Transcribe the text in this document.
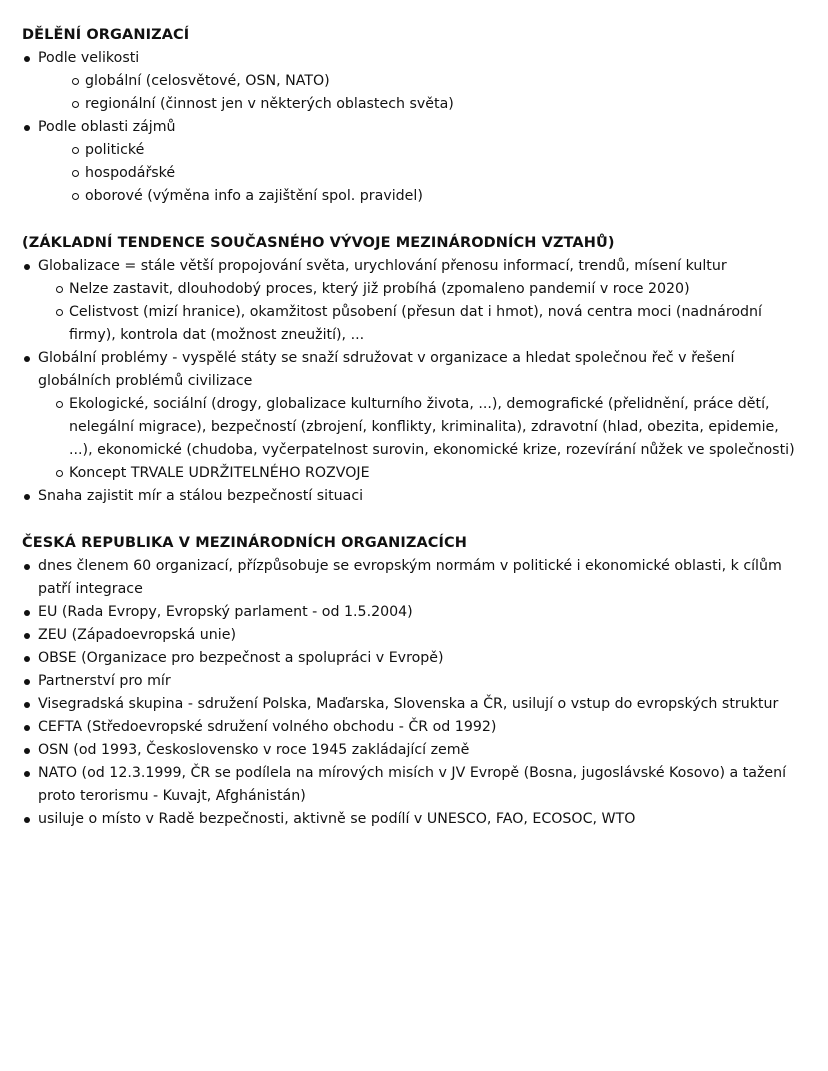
DĚLĚNÍ ORGANIZACÍ
Podle velikosti
globální (celosvětové, OSN, NATO)
regionální (činnost jen v některých oblastech světa)
Podle oblasti zájmů
politické
hospodářské
oborové (výměna info a zajištění spol. pravidel)
(ZÁKLADNÍ TENDENCE SOUČASNÉHO VÝVOJE MEZINÁRODNÍCH VZTAHŮ)
Globalizace = stále větší propojování světa, urychlování přenosu informací, trendů, mísení kultur
Nelze zastavit, dlouhodobý proces, který již probíhá (zpomaleno pandemií v roce 2020)
Celistvost (mizí hranice), okamžitost působení (přesun dat i hmot), nová centra moci (nadnárodní firmy), kontrola dat (možnost zneužití), ...
Globální problémy - vyspělé státy se snaží sdružovat v organizace a hledat společnou řeč v řešení globálních problémů civilizace
Ekologické, sociální (drogy, globalizace kulturního života, ...), demografické (přelidnění, práce dětí, nelegální migrace), bezpečností (zbrojení, konflikty, kriminalita), zdravotní (hlad, obezita, epidemie, ...), ekonomické (chudoba, vyčerpatelnost surovin, ekonomické krize, rozevírání nůžek ve společnosti)
Koncept TRVALE UDRŽITELNÉHO ROZVOJE
Snaha zajistit mír a stálou bezpečností situaci
ČESKÁ REPUBLIKA V MEZINÁRODNÍCH ORGANIZACÍCH
dnes členem 60 organizací, přízpůsobuje se evropským normám v politické i ekonomické oblasti, k cílům patří integrace
EU (Rada Evropy, Evropský parlament - od 1.5.2004)
ZEU (Západoevropská unie)
OBSE (Organizace pro bezpečnost a spolupráci v Evropě)
Partnerství pro mír
Visegradská skupina - sdružení Polska, Maďarska, Slovenska a ČR, usilují o vstup do evropských struktur
CEFTA (Středoevropské sdružení volného obchodu - ČR od 1992)
OSN (od 1993, Československo v roce 1945 zakládající země
NATO (od 12.3.1999, ČR se podílela na mírových misích v JV Evropě (Bosna, jugoslávské Kosovo) a tažení proto terorismu - Kuvajt, Afghánistán)
usiluje o místo v Radě bezpečnosti, aktivně se podílí v UNESCO, FAO, ECOSOC, WTO
